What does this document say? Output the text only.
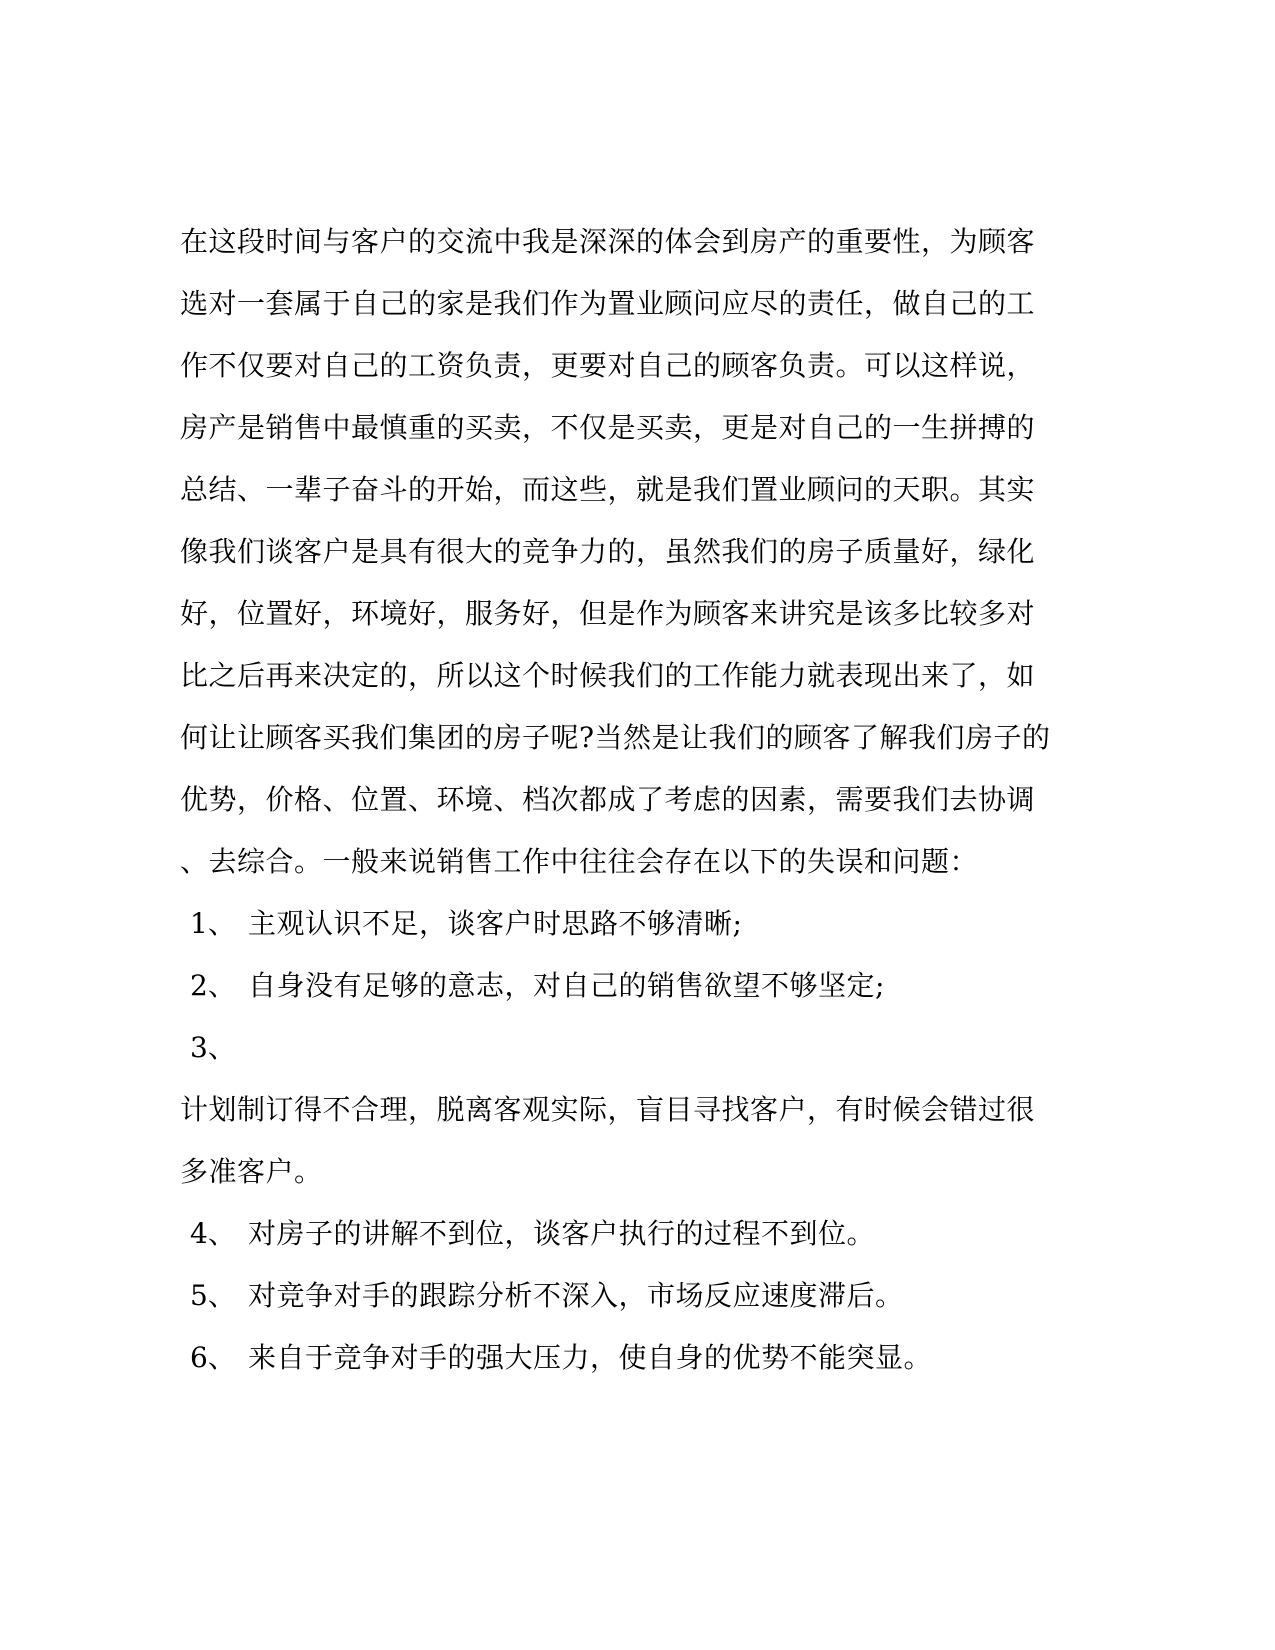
在这段时间与客户的交流中我是深深的体会到房产的重要性，为顾客
选对一套属于自己的家是我们作为置业顾问应尽的责任，做自己的工
作不仅要对自己的工资负责，更要对自己的顾客负责。可以这样说，
房产是销售中最慎重的买卖，不仅是买卖，更是对自己的一生拼搏的
总结、一辈子奋斗的开始，而这些，就是我们置业顾问的天职。其实
像我们谈客户是具有很大的竞争力的，虽然我们的房子质量好，绿化
好，位置好，环境好，服务好，但是作为顾客来讲究是该多比较多对
比之后再来决定的，所以这个时候我们的工作能力就表现出来了，如
何让让顾客买我们集团的房子呢?当然是让我们的顾客了解我们房子的
优势，价格、位置、环境、档次都成了考虑的因素，需要我们去协调
、去综合。一般来说销售工作中往往会存在以下的失误和问题：
1、 主观认识不足，谈客户时思路不够清晰;
2、 自身没有足够的意志，对自己的销售欲望不够坚定;
3、
计划制订得不合理，脱离客观实际，盲目寻找客户，有时候会错过很
多准客户。
4、 对房子的讲解不到位，谈客户执行的过程不到位。
5、 对竞争对手的跟踪分析不深入，市场反应速度滞后。
6、 来自于竞争对手的强大压力，使自身的优势不能突显。
